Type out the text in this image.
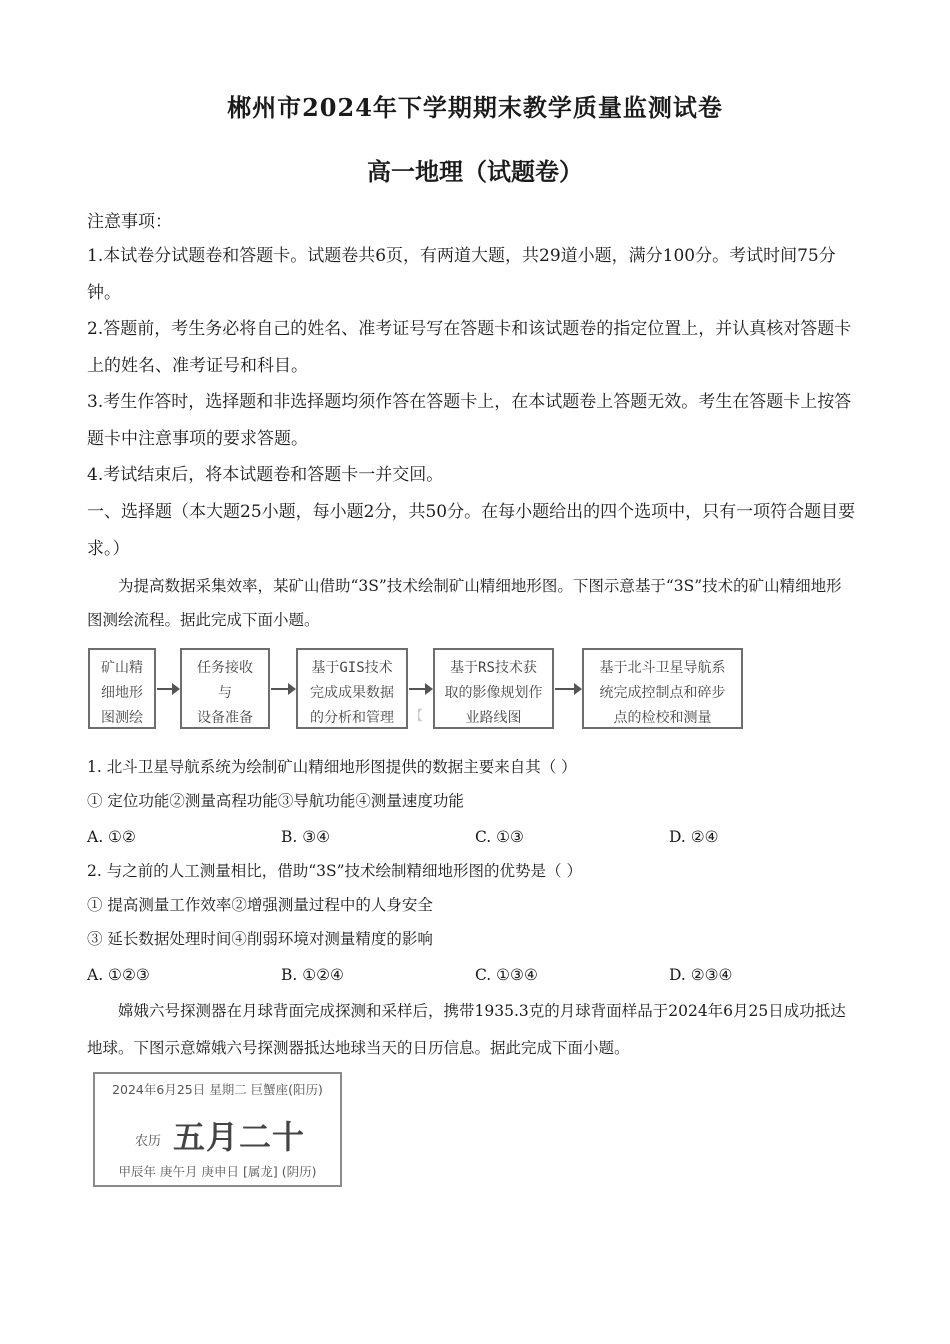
郴州市2024年下学期期末教学质量监测试卷
高一地理（试题卷）
注意事项：
1.本试卷分试题卷和答题卡。试题卷共6页，有两道大题，共29道小题，满分100分。考试时间75分钟。
2.答题前，考生务必将自己的姓名、准考证号写在答题卡和该试题卷的指定位置上，并认真核对答题卡上的姓名、准考证号和科目。
3.考生作答时，选择题和非选择题均须作答在答题卡上，在本试题卷上答题无效。考生在答题卡上按答题卡中注意事项的要求答题。
4.考试结束后，将本试题卷和答题卡一并交回。
一、选择题（本大题25小题，每小题2分，共50分。在每小题给出的四个选项中，只有一项符合题目要求。）
为提高数据采集效率，某矿山借助“3S”技术绘制矿山精细地形图。下图示意基于“3S”技术的矿山精细地形图测绘流程。据此完成下面小题。
矿山精
细地形
图测绘
任务接收
与
设备准备
基于GIS技术
完成成果数据
的分析和管理
基于RS技术获
取的影像规划作
业路线图
基于北斗卫星导航系
统完成控制点和碎步
点的检校和测量
【
1. 北斗卫星导航系统为绘制矿山精细地形图提供的数据主要来自其（ ）
① 定位功能②测量高程功能③导航功能④测量速度功能
A. ①②	B. ③④	C. ①③	D. ②④
2. 与之前的人工测量相比，借助“3S”技术绘制精细地形图的优势是（ ）
① 提高测量工作效率②增强测量过程中的人身安全
③ 延长数据处理时间④削弱环境对测量精度的影响
A. ①②③	B. ①②④	C. ①③④	D. ②③④
嫦娥六号探测器在月球背面完成探测和采样后，携带1935.3克的月球背面样品于2024年6月25日成功抵达地球。下图示意嫦娥六号探测器抵达地球当天的日历信息。据此完成下面小题。
2024年6月25日 星期二 巨蟹座(阳历)
农历 五月二十
甲辰年 庚午月 庚申日 [属龙] (阴历)
